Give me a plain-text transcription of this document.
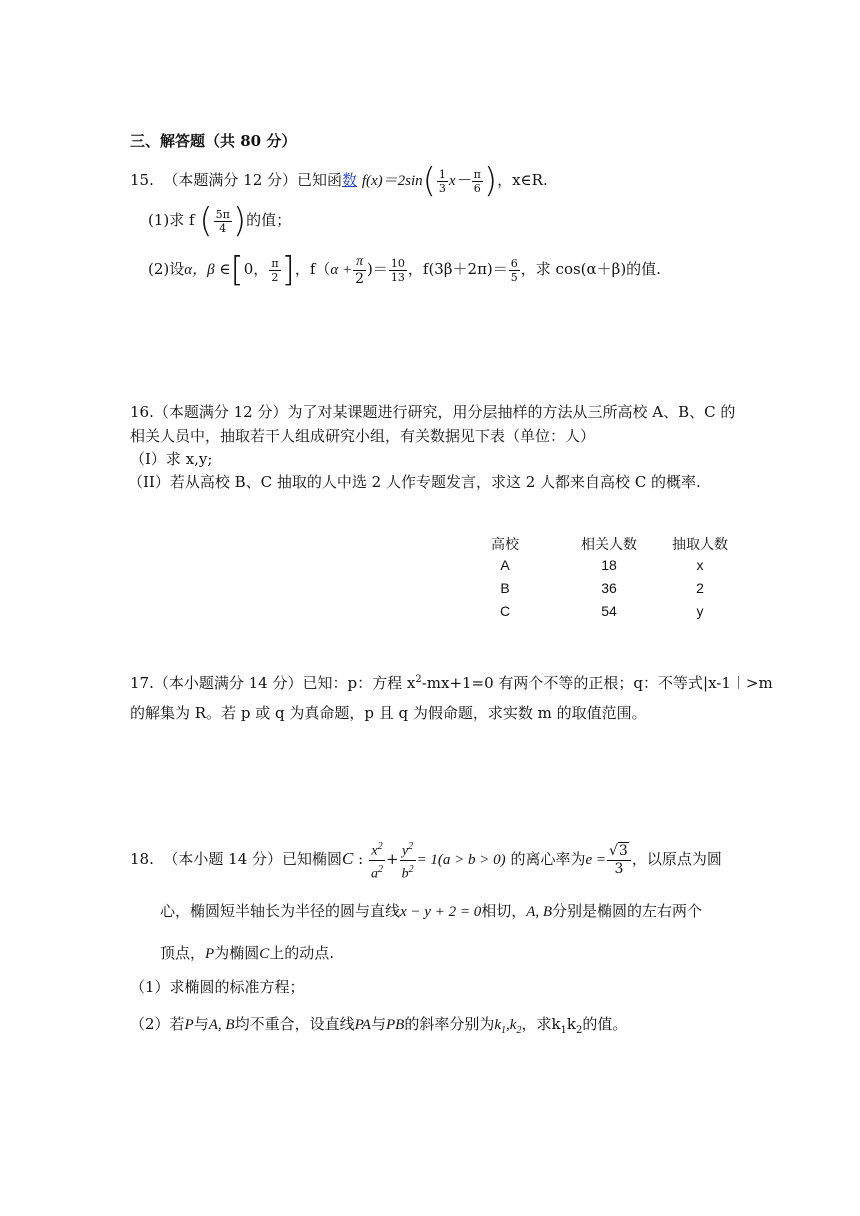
三、解答题（共 80 分）
15. （本题满分 12 分）已知函数 $f(x)=2\sin( \frac{1}{3} x- \frac{\pi}{6}$ )，x∈R.
(1)求 f ( $\frac{5\pi}{4}$ )的值；
(2)设α，β ∈[0， $\frac{\pi}{2}$ ]，$f(\alpha + \frac{\pi}{2}$ )＝ $\frac{10}{13}$ ，$f(3\beta+2\pi)= \frac{6}{5}$ ，求 cos(α＋β)的值.
16.（本题满分 12 分）为了对某课题进行研究，用分层抽样的方法从三所高校 A、B、C 的
相关人员中，抽取若干人组成研究小组，有关数据见下表（单位：人）
（I）求 x,y;
（II）若从高校 B、C 抽取的人中选 2 人作专题发言，求这 2 人都来自高校 C 的概率.
高校	相关人数	抽取人数
A	18	x
B	36	2
C	54	y
17.（本小题满分 14 分）已知：p：方程 $x^2-mx+1=0$ 有两个不等的正根；q：不等式|x-1︱>m
的解集为 R。若 p 或 q 为真命题，p 且 q 为假命题，求实数 m 的取值范围。
18. （本小题 14 分）已知椭圆C : $\frac{x^2}{a^2} + \frac{y^2}{b^2} = 1(a > b > 0)$ 的离心率为$e = \frac{√3}{3}$ ，以原点为圆
心，椭圆短半轴长为半径的圆与直线x − y + 2 = 0相切，A, B分别是椭圆的左右两个
顶点，P为椭圆C上的动点.
（1）求椭圆的标准方程；
（2）若P与A, B均不重合，设直线PA与PB的斜率分别为$k_1,k_2$，求$k_1k_2$的值。
